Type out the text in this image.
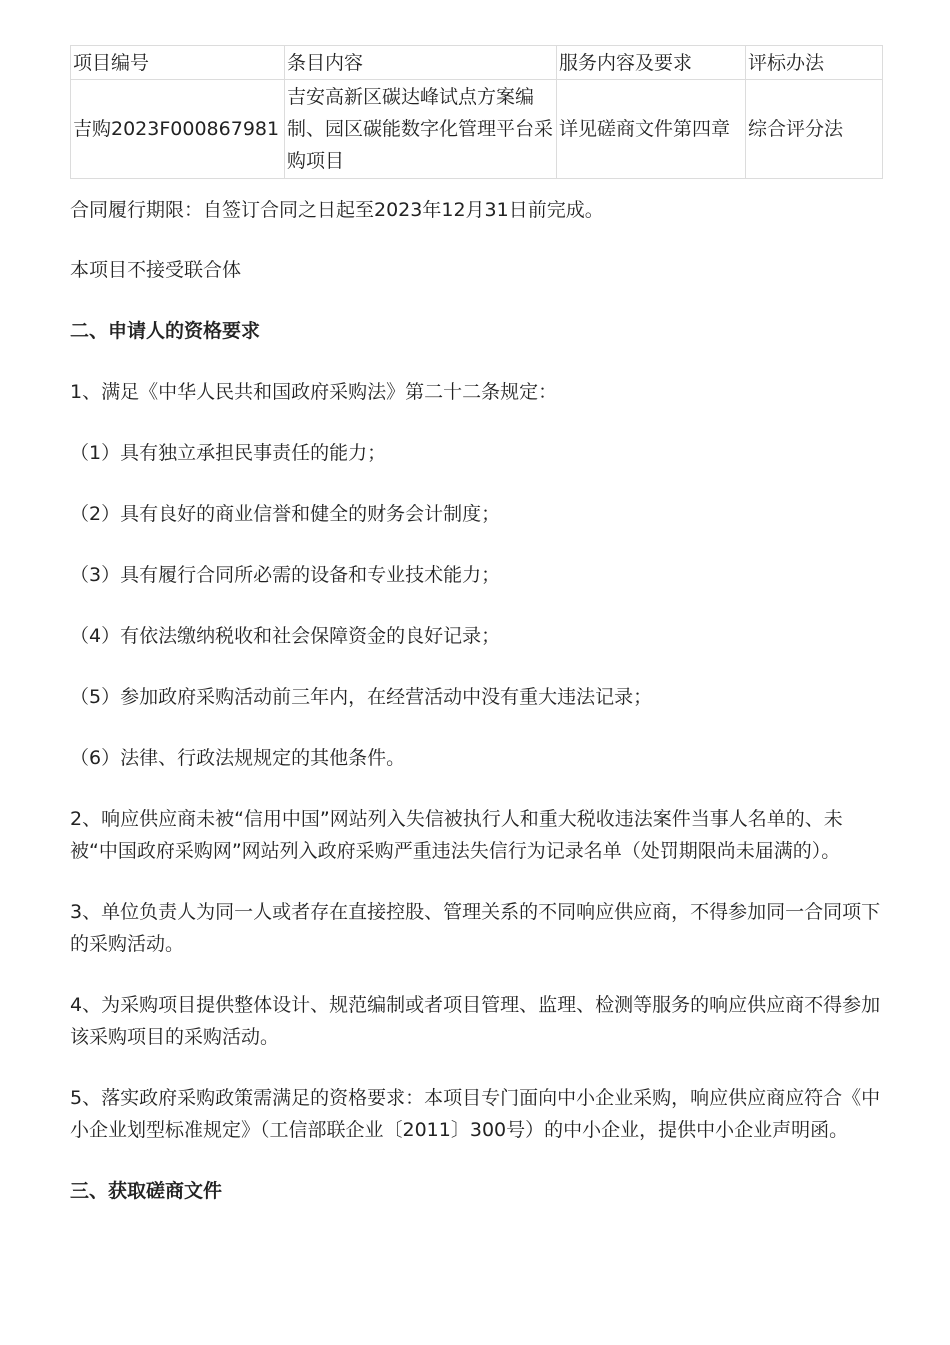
项目编号	条目内容	服务内容及要求	评标办法
吉购2023F000867981	吉安高新区碳达峰试点方案编制、园区碳能数字化管理平台采购项目	详见磋商文件第四章	综合评分法

合同履行期限：自签订合同之日起至2023年12月31日前完成。

本项目不接受联合体

二、申请人的资格要求

1、满足《中华人民共和国政府采购法》第二十二条规定：

（1）具有独立承担民事责任的能力；

（2）具有良好的商业信誉和健全的财务会计制度；

（3）具有履行合同所必需的设备和专业技术能力；

（4）有依法缴纳税收和社会保障资金的良好记录；

（5）参加政府采购活动前三年内，在经营活动中没有重大违法记录；

（6）法律、行政法规规定的其他条件。

2、响应供应商未被“信用中国”网站列入失信被执行人和重大税收违法案件当事人名单的、未被“中国政府采购网”网站列入政府采购严重违法失信行为记录名单（处罚期限尚未届满的）。

3、单位负责人为同一人或者存在直接控股、管理关系的不同响应供应商，不得参加同一合同项下的采购活动。

4、为采购项目提供整体设计、规范编制或者项目管理、监理、检测等服务的响应供应商不得参加该采购项目的采购活动。

5、落实政府采购政策需满足的资格要求：本项目专门面向中小企业采购，响应供应商应符合《中小企业划型标准规定》（工信部联企业〔2011〕300号）的中小企业，提供中小企业声明函。

三、获取磋商文件
